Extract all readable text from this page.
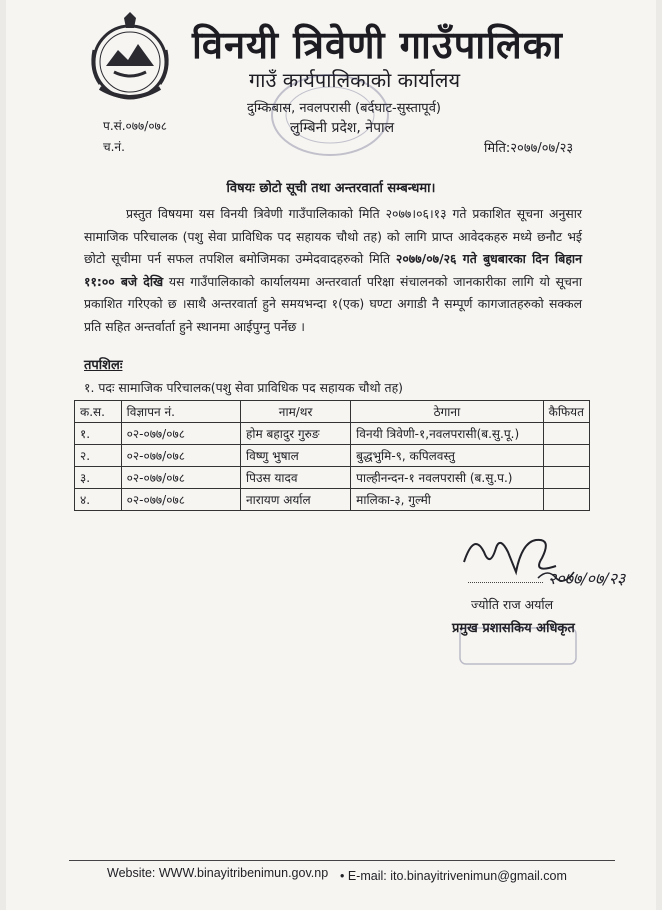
विनयी त्रिवेणी गाउँपालिका
गाउँ कार्यपालिकाको कार्यालय
दुम्किबास, नवलपरासी (बर्दघाट-सुस्तापूर्व)
लुम्बिनी प्रदेश, नेपाल
प.सं.०७७/०७८
च.नं.	मिति:२०७७/०७/२३
विषयः छोटो सूची तथा अन्तरवार्ता सम्बन्धमा।
प्रस्तुत विषयमा यस विनयी त्रिवेणी गाउँपालिकाको मिति २०७७।०६।१३ गते प्रकाशित सूचना अनुसार सामाजिक परिचालक (पशु सेवा प्राविधिक पद सहायक चौथो तह) को लागि प्राप्त आवेदकहरु मध्ये छनौट भई छोटो सूचीमा पर्न सफल तपशिल बमोजिमका उम्मेदवादहरुको मिति २०७७/०७/२६ गते बुधबारका दिन बिहान ११:०० बजे देखि यस गाउँपालिकाको कार्यालयमा अन्तरवार्ता परिक्षा संचालनको जानकारीका लागि यो सूचना प्रकाशित गरिएको छ ।साथै अन्तरवार्ता हुने समयभन्दा १(एक) घण्टा अगाडी नै सम्पूर्ण कागजातहरुको सक्कल प्रति सहित अन्तर्वार्ता हुने स्थानमा आईपुग्नु पर्नेछ ।
तपशिलः
१. पदः सामाजिक परिचालक(पशु सेवा प्राविधिक पद सहायक चौथो तह)
क.स.	विज्ञापन नं.	नाम/थर	ठेगाना	कैफियत
१.	०२-०७७/०७८	होम बहादुर गुरुङ	विनयी त्रिवेणी-१,नवलपरासी(ब.सु.पू.)	
२.	०२-०७७/०७८	विष्णु भुषाल	बुद्धभुमि-९, कपिलवस्तु	
३.	०२-०७७/०७८	पिउस यादव	पाल्हीनन्दन-१ नवलपरासी (ब.सु.प.)	
४.	०२-०७७/०७८	नारायण अर्याल	मालिका-३, गुल्मी	
२०७७/०७/२३
ज्योति राज अर्याल
प्रमुख प्रशासकिय अधिकृत
Website: WWW.binayitribenimun.gov.np • E-mail: ito.binayitrivenimun@gmail.com
